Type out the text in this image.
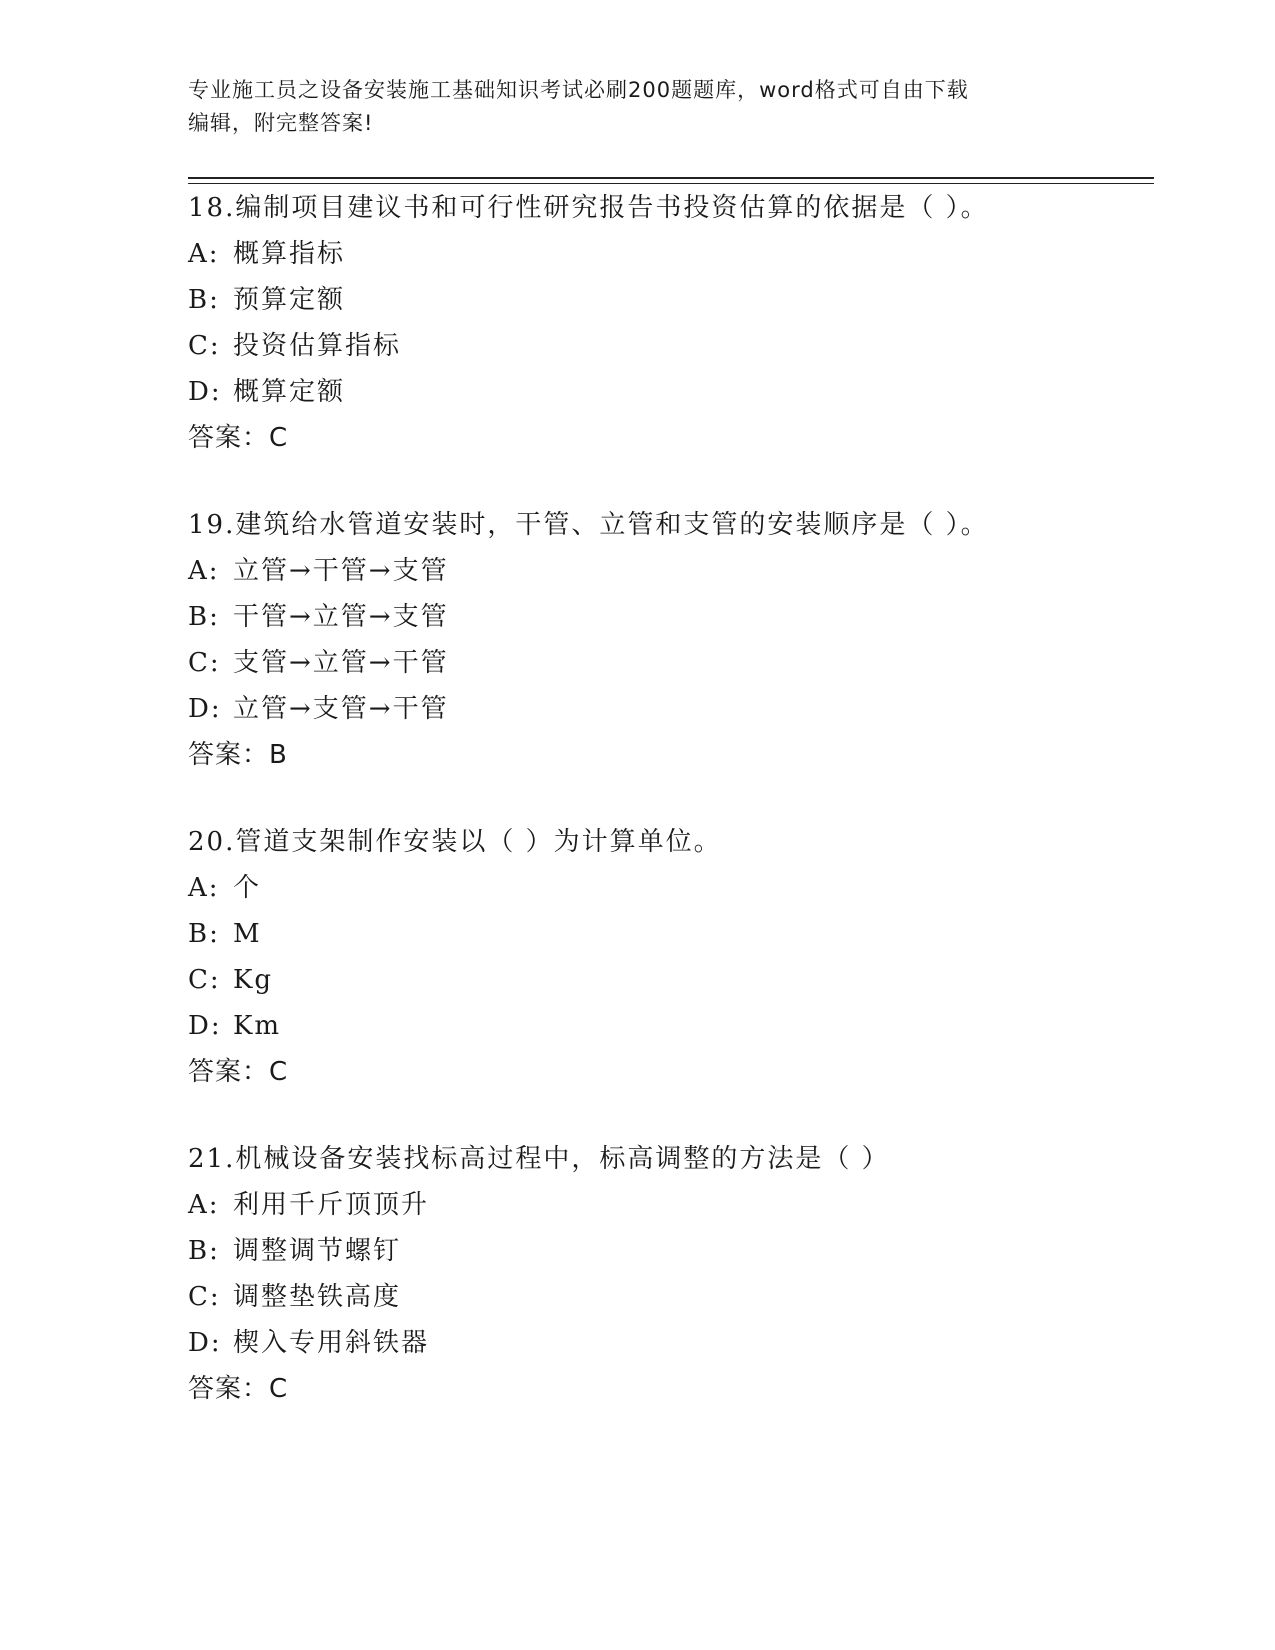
专业施工员之设备安装施工基础知识考试必刷200题题库，word格式可自由下载
编辑，附完整答案!
18.编制项目建议书和可行性研究报告书投资估算的依据是（ ）。
A: 概算指标
B: 预算定额
C: 投资估算指标
D: 概算定额
答案：C
19.建筑给水管道安装时，干管、立管和支管的安装顺序是（ ）。
A: 立管→干管→支管
B: 干管→立管→支管
C: 支管→立管→干管
D: 立管→支管→干管
答案：B
20.管道支架制作安装以（ ）为计算单位。
A: 个
B: M
C: Kg
D: Km
答案：C
21.机械设备安装找标高过程中，标高调整的方法是（ ）
A: 利用千斤顶顶升
B: 调整调节螺钉
C: 调整垫铁高度
D: 楔入专用斜铁器
答案：C
